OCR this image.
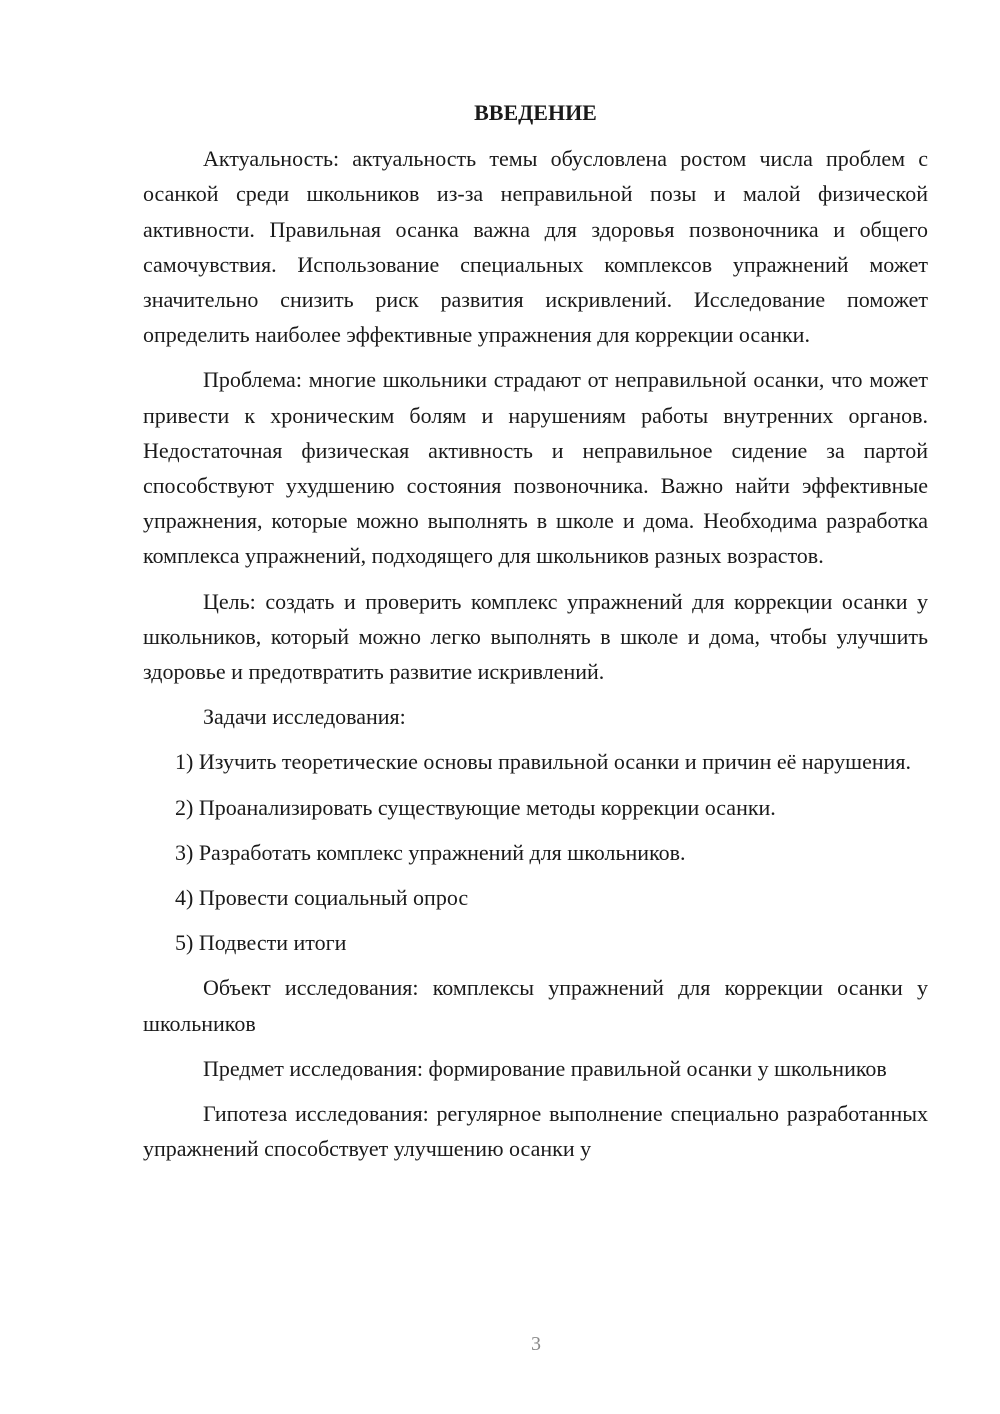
ВВЕДЕНИЕ

Актуальность: актуальность темы обусловлена ростом числа проблем с осанкой среди школьников из-за неправильной позы и малой физической активности. Правильная осанка важна для здоровья позвоночника и общего самочувствия. Использование специальных комплексов упражнений может значительно снизить риск развития искривлений. Исследование поможет определить наиболее эффективные упражнения для коррекции осанки.

Проблема: многие школьники страдают от неправильной осанки, что может привести к хроническим болям и нарушениям работы внутренних органов. Недостаточная физическая активность и неправильное сидение за партой способствуют ухудшению состояния позвоночника. Важно найти эффективные упражнения, которые можно выполнять в школе и дома. Необходима разработка комплекса упражнений, подходящего для школьников разных возрастов.

Цель: создать и проверить комплекс упражнений для коррекции осанки у школьников, который можно легко выполнять в школе и дома, чтобы улучшить здоровье и предотвратить развитие искривлений.

Задачи исследования:

1) Изучить теоретические основы правильной осанки и причин её нарушения.

2) Проанализировать существующие методы коррекции осанки.

3) Разработать комплекс упражнений для школьников.

4) Провести социальный опрос

5) Подвести итоги

Объект исследования: комплексы упражнений для коррекции осанки у школьников

Предмет исследования: формирование правильной осанки у школьников

Гипотеза исследования: регулярное выполнение специально разработанных упражнений способствует улучшению осанки у

3
